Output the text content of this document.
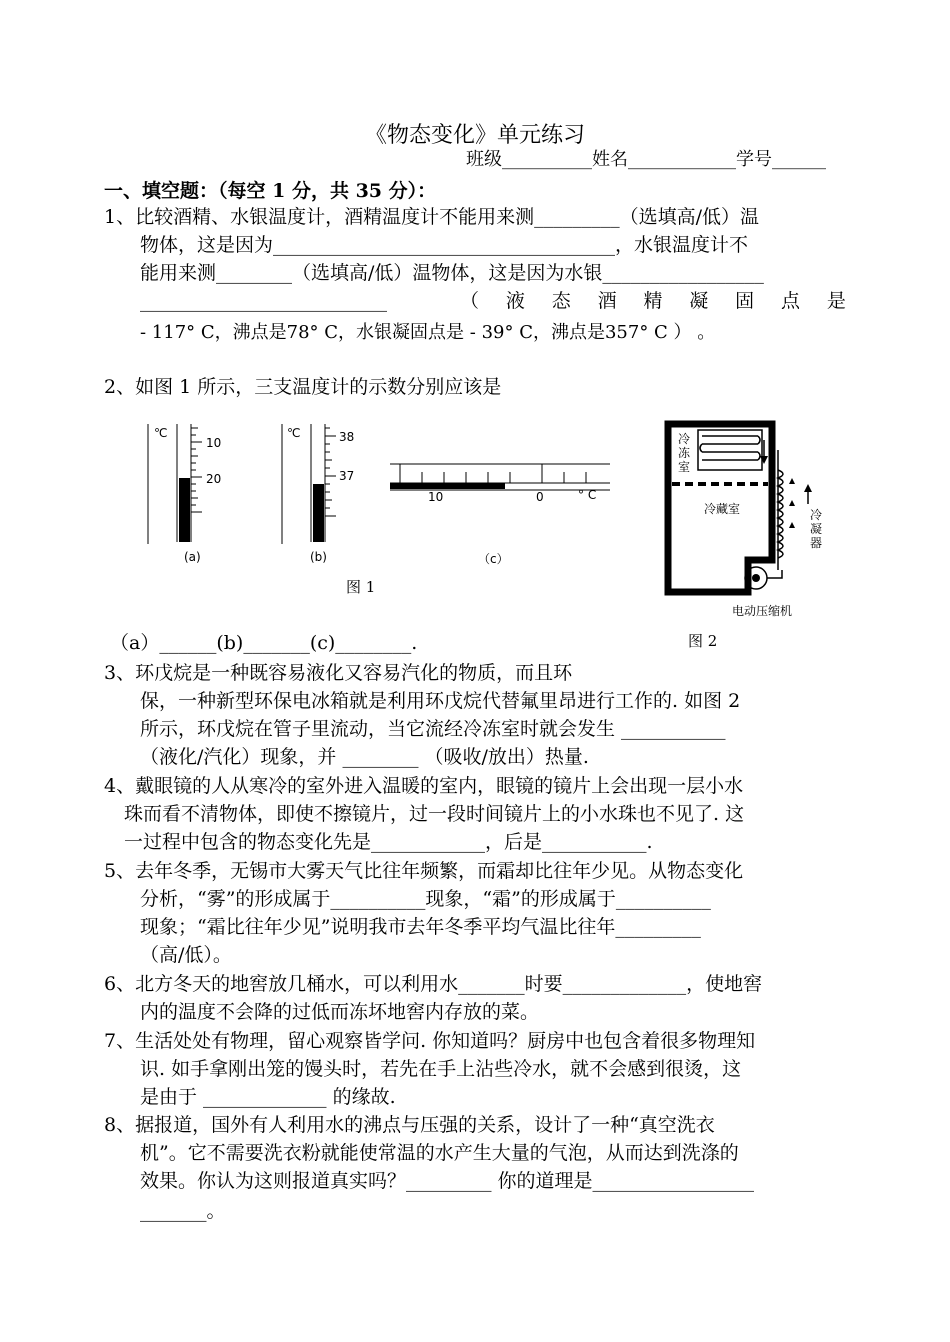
《物态变化》单元练习
班级__________姓名____________学号______
一、填空题：（每空 1 分，共 35 分）：
1、比较酒精、水银温度计，酒精温度计不能用来测_________（选填高/低）温
物体，这是因为____________________________________，水银温度计不
能用来测________（选填高/低）温物体，这是因为水银_________________
__________________________	（ 液 态 酒 精 凝 固 点 是
- 117° C，沸点是78° C，水银凝固点是 - 39° C，沸点是357° C ） 。
2、如图 1 所示，三支温度计的示数分别应该是
℃
10
20
(a)
℃	38
37
(b)
10	0	° C
（c）
图 1
冷冻室
冷藏室	冷凝器
电动压缩机
图 2
（a）______(b)_______(c)________.
3、环戊烷是一种既容易液化又容易汽化的物质，而且环
保，一种新型环保电冰箱就是利用环戊烷代替氟里昂进行工作的. 如图 2
所示，环戊烷在管子里流动，当它流经冷冻室时就会发生 ___________
（液化/汽化）现象，并 ________ （吸收/放出）热量.
4、戴眼镜的人从寒冷的室外进入温暖的室内，眼镜的镜片上会出现一层小水
珠而看不清物体，即使不擦镜片，过一段时间镜片上的小水珠也不见了. 这
一过程中包含的物态变化先是____________，后是___________.
5、去年冬季，无锡市大雾天气比往年频繁，而霜却比往年少见。从物态变化
分析，“雾”的形成属于__________现象，“霜”的形成属于__________
现象；“霜比往年少见”说明我市去年冬季平均气温比往年_________
（高/低）。
6、北方冬天的地窖放几桶水，可以利用水_______时要_____________，使地窖
内的温度不会降的过低而冻坏地窖内存放的菜。
7、生活处处有物理，留心观察皆学问. 你知道吗？厨房中也包含着很多物理知
识. 如手拿刚出笼的馒头时，若先在手上沾些冷水，就不会感到很烫，这
是由于 _____________ 的缘故.
8、据报道，国外有人利用水的沸点与压强的关系，设计了一种“真空洗衣
机”。它不需要洗衣粉就能使常温的水产生大量的气泡，从而达到洗涤的
效果。你认为这则报道真实吗？_________ 你的道理是_________________
_______。
